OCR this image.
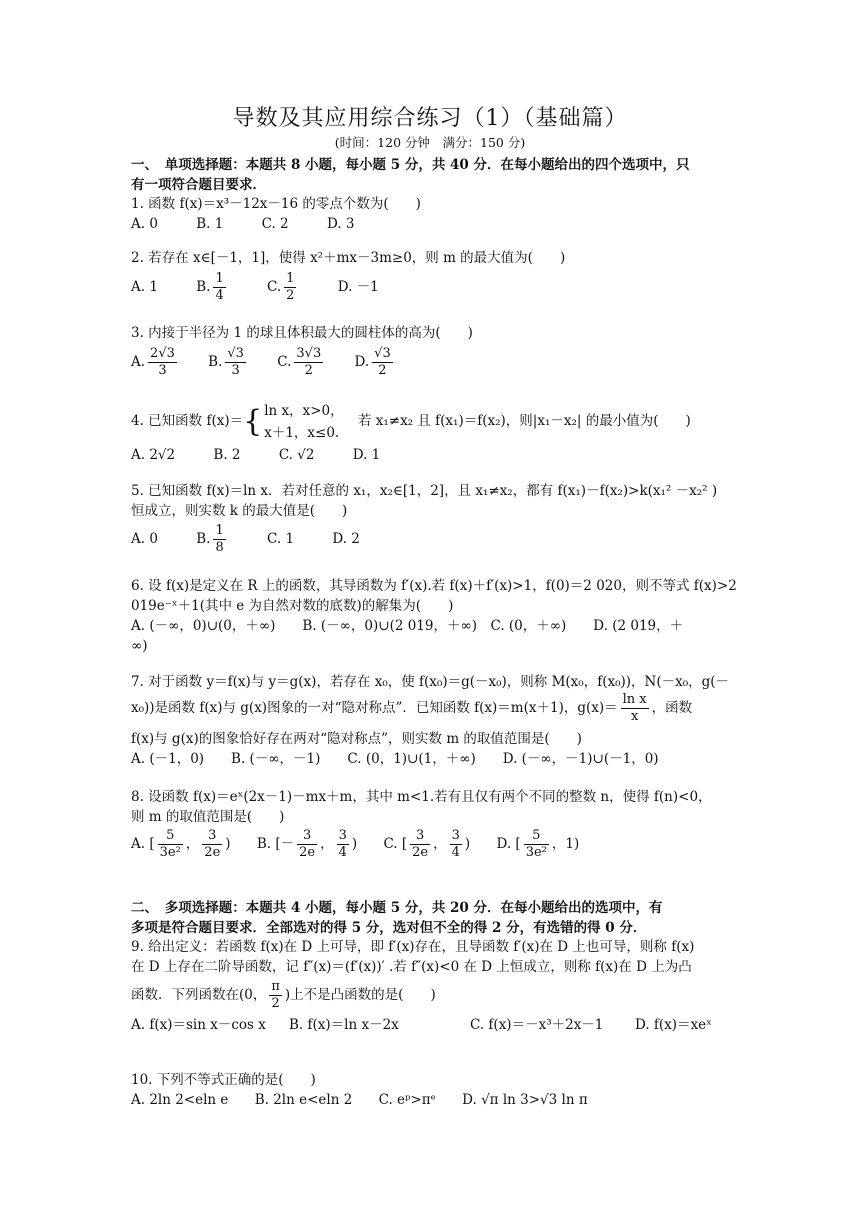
导数及其应用综合练习（1）（基础篇）
(时间：120 分钟　满分：150 分)
一、　单项选择题：本题共 8 小题，每小题 5 分，共 40 分．在每小题给出的四个选项中，只
有一项符合题目要求．
1. 函数 f(x)＝x³－12x－16 的零点个数为(　　)
A. 0	B. 1	C. 2	D. 3
2. 若存在 x∈[－1，1]，使得 x²＋mx－3m≥0，则 m 的最大值为(　　)
A. 1	B. $\frac{1}{4}$	C. $\frac{1}{2}$	D. －1
3. 内接于半径为 1 的球且体积最大的圆柱体的高为(　　)
A. $\frac{2√3}{3} B$. $\frac{√3}{3} C$. $\frac{3√3}{2} D$. $\frac{√3}{2}$
4. 已知函数 f(x)＝{ ln x，x>0，
x＋1，x≤0.
若 x₁≠x₂ 且 f(x₁)＝f(x₂)，则|x₁－x₂| 的最小值为(　　)
A. 2√2	B. 2	C. √2	D. 1
5. 已知函数 f(x)＝ln x．若对任意的 x₁，x₂∈[1，2]，且 x₁≠x₂，都有 f(x₁)－f(x₂)>k(x₁² －x₂² )
恒成立，则实数 k 的最大值是(　　)
A. 0	B. $\frac{1}{8}$	C. 1	D. 2
6. 设 f(x)是定义在 R 上的函数，其导函数为 f′(x).若 f(x)＋f′(x)>1，f(0)＝2 020，则不等式 f(x)>2
019e⁻ˣ＋1(其中 e 为自然对数的底数)的解集为(　　)
A. (－∞，0)∪(0，＋∞)　　B. (－∞，0)∪(2 019，＋∞)　C. (0，＋∞)　　D. (2 019，＋
∞)
7. 对于函数 y＝f(x)与 y＝g(x)，若存在 x₀，使 f(x₀)＝g(－x₀)，则称 M(x₀，f(x₀))，N(－x₀，g(－
x₀))是函数 f(x)与 g(x)图象的一对“隐对称点”．已知函数 f(x)＝m(x＋1)，$g(x)= \frac{\text{ln x}}{x}$ ，函数
f(x)与 g(x)的图象恰好存在两对“隐对称点”，则实数 m 的取值范围是(　　)
A. (－1，0)　　B. (－∞，－1)　　C. (0，1)∪(1，＋∞)　　D. (－∞，－1)∪(－1，0)
8. 设函数 f(x)＝eˣ(2x－1)－mx＋m，其中 m<1.若有且仅有两个不同的整数 n，使得 f(n)<0，
则 m 的取值范围是(　　)
A. [ $\frac{5}{\text{3e²}}$ ， $\frac{3}{2e}$ ) B. [－ $\frac{3}{2e}$ ， $\frac{3}{4}$ ) C. [ $\frac{3}{2e}$ ， $\frac{3}{4}$ ) D. [ $\frac{5}{\text{3e²}}$ ，1)
二、　多项选择题：本题共 4 小题，每小题 5 分，共 20 分．在每小题给出的选项中，有
多项是符合题目要求．全部选对的得 5 分，选对但不全的得 2 分，有选错的得 0 分．
9. 给出定义：若函数 f(x)在 D 上可导，即 f′(x)存在，且导函数 f′(x)在 D 上也可导，则称 f(x)
在 D 上存在二阶导函数，记 f″(x)＝(f′(x))′ .若 f″(x)<0 在 D 上恒成立，则称 f(x)在 D 上为凸
函数．下列函数在(0， $\frac{\pi}{2}$ )上不是凸函数的是(　　)
A. f(x)＝sin x－cos x B. f(x)＝ln x－2x	C. f(x)＝－x³＋2x－1 D. f(x)＝xeˣ
10. 下列不等式正确的是(　　)
A. 2ln 2<eln e B. 2ln e<eln 2 C. eᵖ>πᵉ D. √π ln 3>√3 ln π
